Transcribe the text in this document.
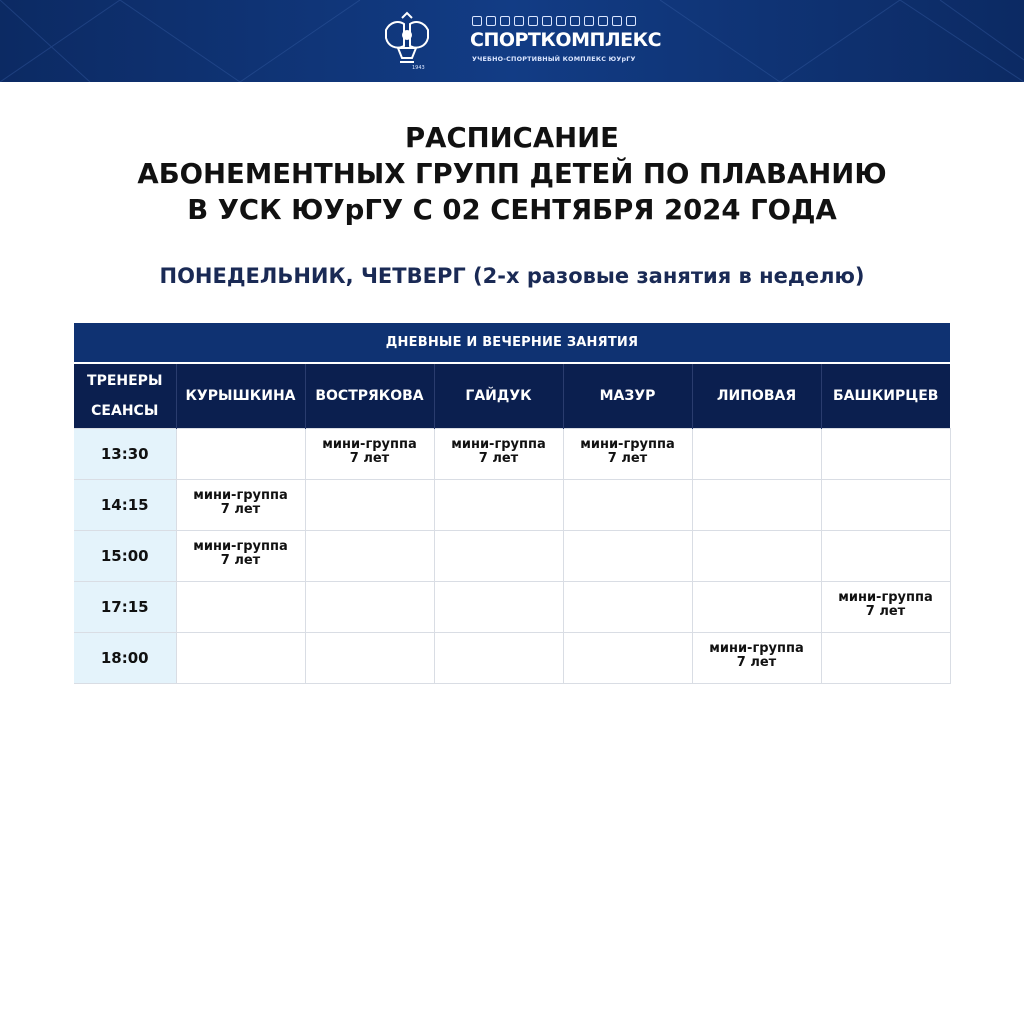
1943
СПОРТКОМПЛЕКС
УЧЕБНО-СПОРТИВНЫЙ КОМПЛЕКС ЮУрГУ
РАСПИСАНИЕ
АБОНЕМЕНТНЫХ ГРУПП ДЕТЕЙ ПО ПЛАВАНИЮ
В УСК ЮУрГУ С 02 СЕНТЯБРЯ 2024 ГОДА
ПОНЕДЕЛЬНИК, ЧЕТВЕРГ (2-х разовые занятия в неделю)
ДНЕВНЫЕ И ВЕЧЕРНИЕ ЗАНЯТИЯ						

ТРЕНЕРЫ
СЕАНСЫ	КУРЫШКИНА	ВОСТРЯКОВА	ГАЙДУК	МАЗУР	ЛИПОВАЯ	БАШКИРЦЕВ
13:30		мини-группа
7 лет	мини-группа
7 лет	мини-группа
7 лет		

14:15	мини-группа
7 лет					

15:00	мини-группа
7 лет					

17:15						мини-группа
7 лет

18:00					мини-группа
7 лет	
